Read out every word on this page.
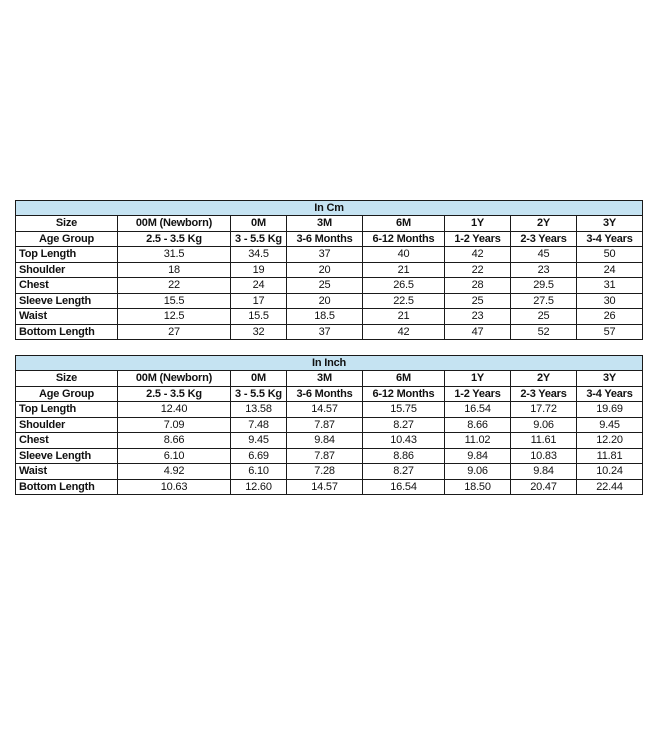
In Cm							
Size	00M (Newborn)	0M	3M	6M	1Y	2Y	3Y
Age Group	2.5 - 3.5 Kg	3 - 5.5 Kg	3-6 Months	6-12 Months	1-2 Years	2-3 Years	3-4 Years
Top Length	31.5	34.5	37	40	42	45	50
Shoulder	18	19	20	21	22	23	24
Chest	22	24	25	26.5	28	29.5	31
Sleeve Length	15.5	17	20	22.5	25	27.5	30
Waist	12.5	15.5	18.5	21	23	25	26
Bottom Length	27	32	37	42	47	52	57
In Inch							
Size	00M (Newborn)	0M	3M	6M	1Y	2Y	3Y
Age Group	2.5 - 3.5 Kg	3 - 5.5 Kg	3-6 Months	6-12 Months	1-2 Years	2-3 Years	3-4 Years
Top Length	12.40	13.58	14.57	15.75	16.54	17.72	19.69
Shoulder	7.09	7.48	7.87	8.27	8.66	9.06	9.45
Chest	8.66	9.45	9.84	10.43	11.02	11.61	12.20
Sleeve Length	6.10	6.69	7.87	8.86	9.84	10.83	11.81
Waist	4.92	6.10	7.28	8.27	9.06	9.84	10.24
Bottom Length	10.63	12.60	14.57	16.54	18.50	20.47	22.44
